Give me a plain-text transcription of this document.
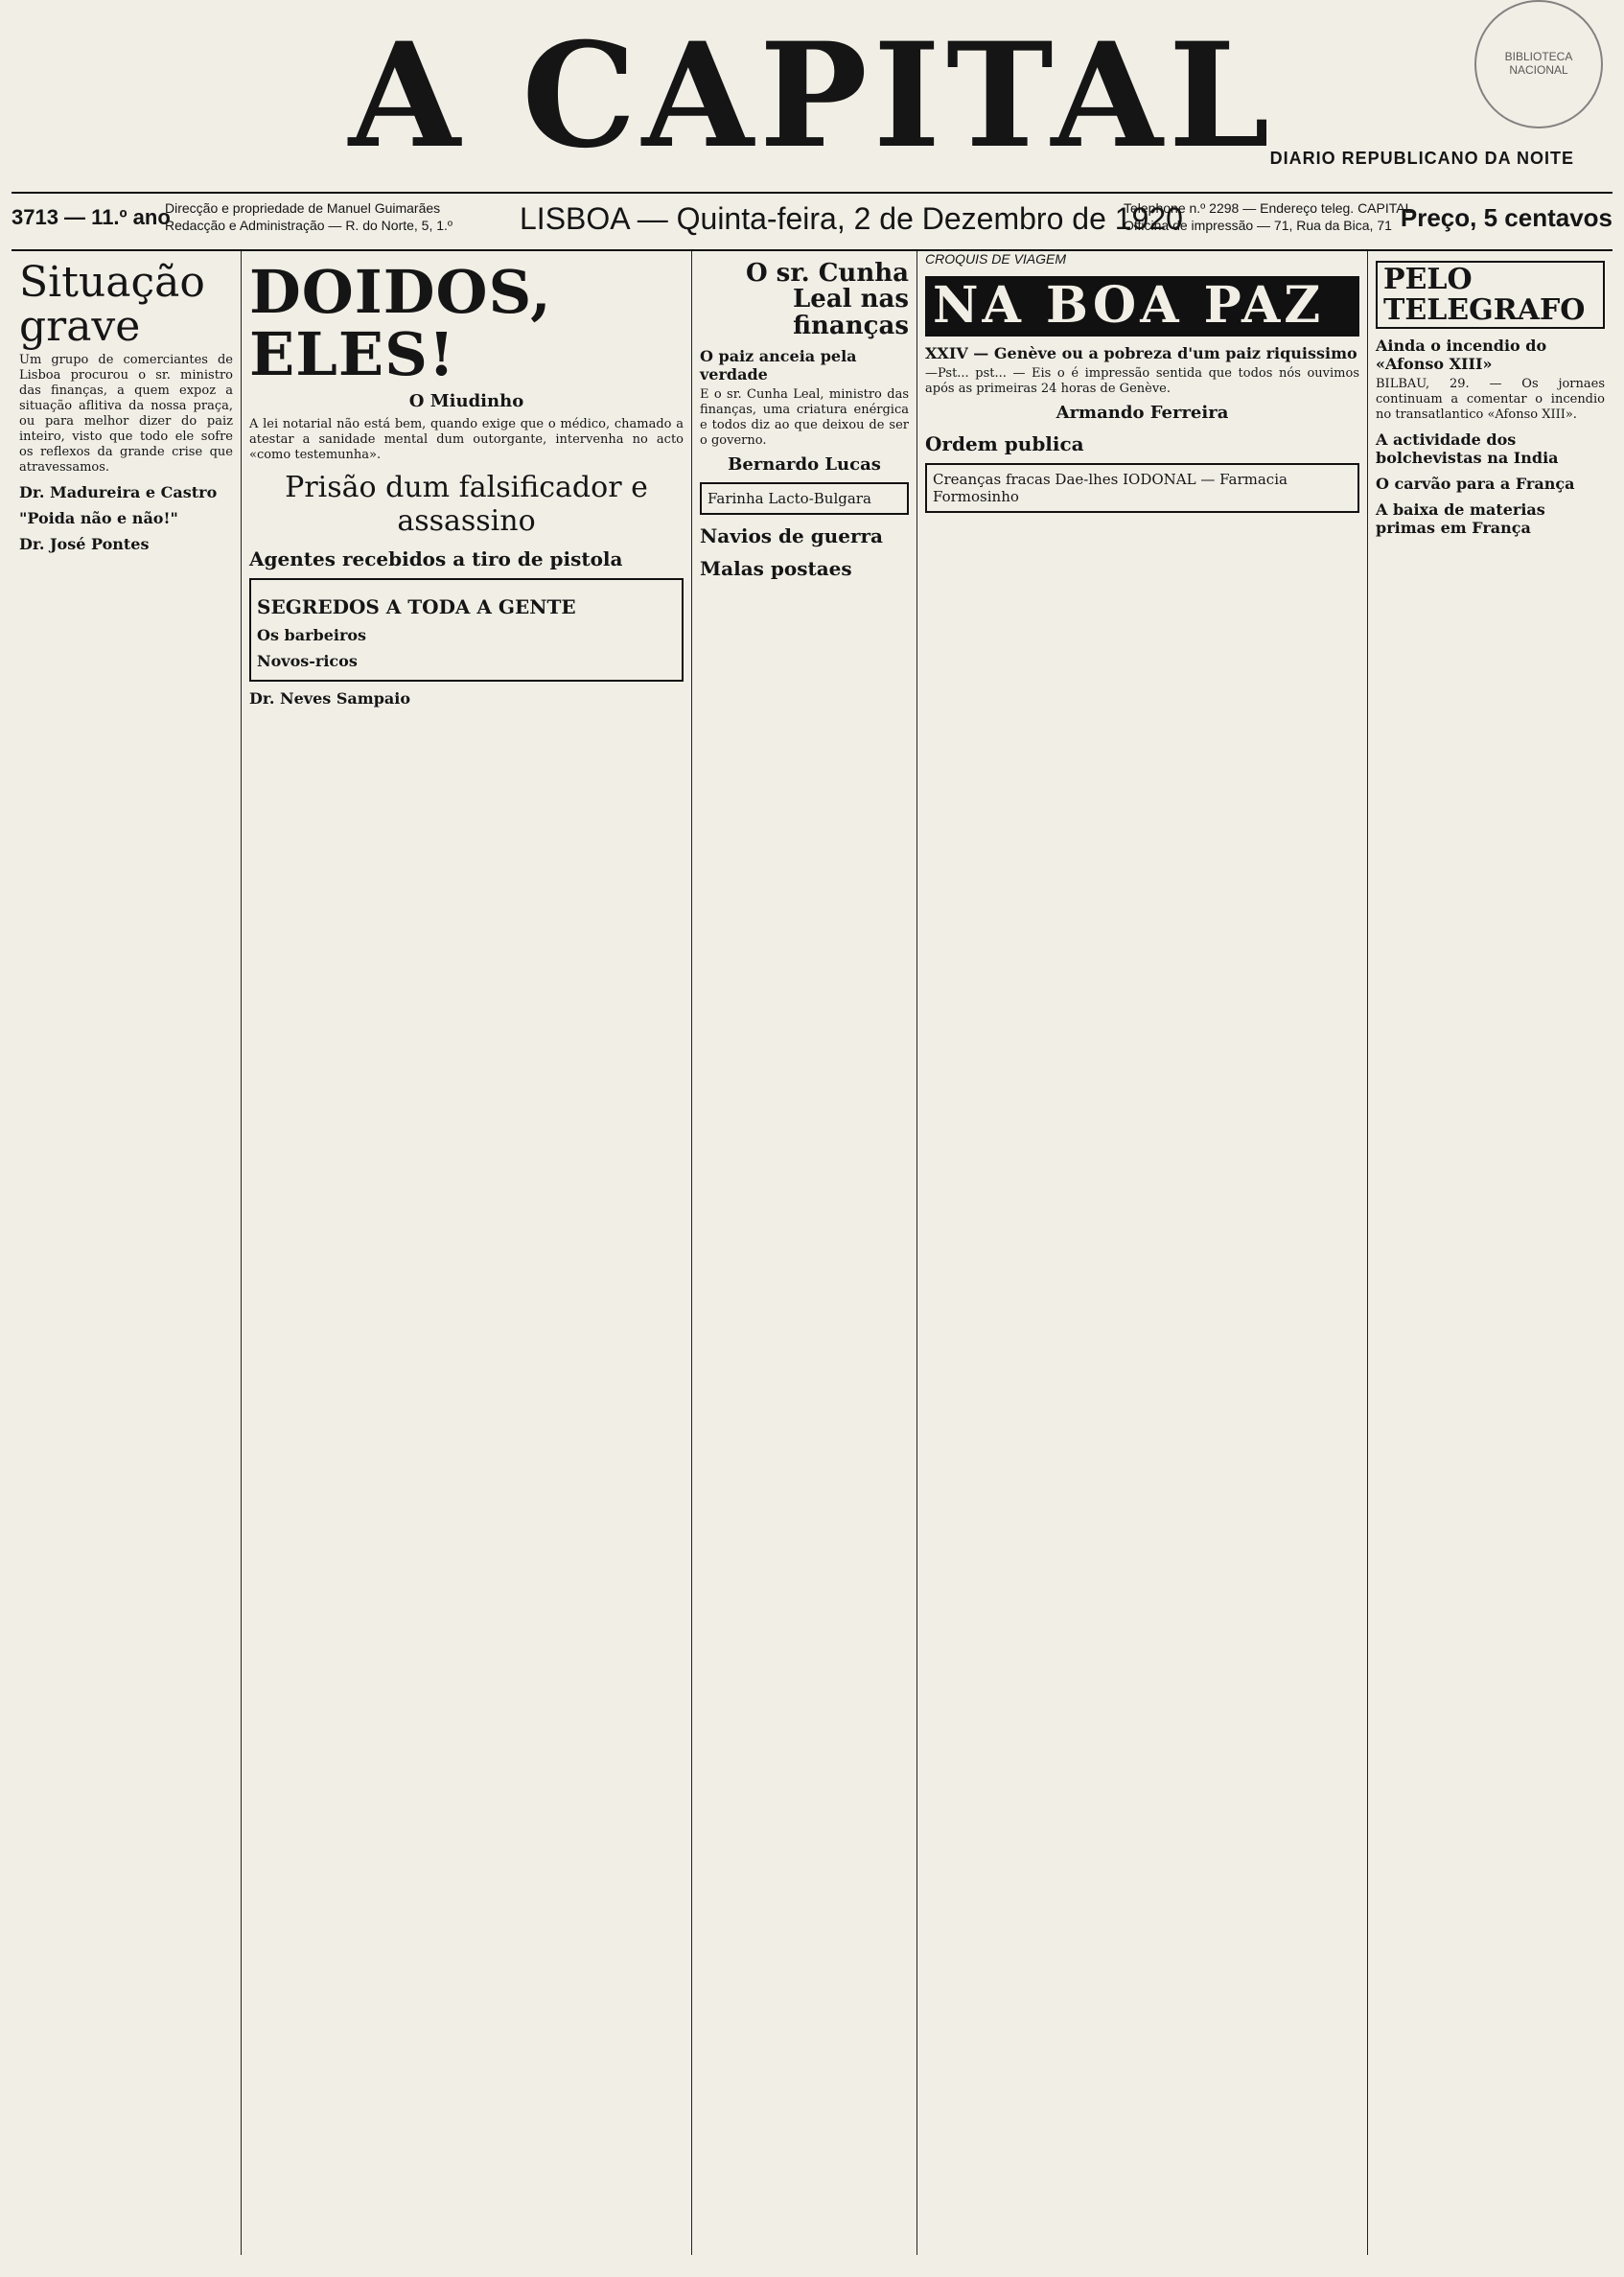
A CAPITAL
DIARIO REPUBLICANO DA NOITE
BIBLIOTECA NACIONAL
3713 — 11.º ano
Direcção e propriedade de Manuel Guimarães
Redacção e Administração — R. do Norte, 5, 1.º LISBOA — Quinta-feira, 2 de Dezembro de 1920
Telephone n.º 2298 — Endereço teleg. CAPITAL
Officina de impressão — 71, Rua da Bica, 71 Preço, 5 centavos
Situação grave

Um grupo de comerciantes de Lisboa procurou o sr. ministro das finanças, a quem expoz a situação aflitiva da nossa praça, ou para melhor dizer do paiz inteiro, visto que todo ele sofre os reflexos da grande crise que atravessamos.

Dr. Madureira e Castro
"Poida não e não!"
Dr. José Pontes
DOIDOS, ELES!
O Miudinho

A lei notarial não está bem, quando exige que o médico, chamado a atestar a sanidade mental dum outorgante, intervenha no acto «como testemunha».

Prisão dum falsificador e assassino
Agentes recebidos a tiro de pistola
SEGREDOS A TODA A GENTE
Os barbeiros
Novos-ricos
Dr. Neves Sampaio
O sr. Cunha Leal nas finanças
O paiz anceia pela verdade

E o sr. Cunha Leal, ministro das finanças, uma criatura enérgica e todos diz ao que deixou de ser o governo.

Bernardo Lucas
Farinha Lacto-Bulgara
Navios de guerra
Malas postaes
CROQUIS DE VIAGEM
NA BOA PAZ
XXIV — Genève ou a pobreza d'um paiz riquissimo

—Pst... pst... — Eis o é impressão sentida que todos nós ouvimos após as primeiras 24 horas de Genève.

Armando Ferreira
Ordem publica
Creanças fracas Dae-lhes IODONAL — Farmacia Formosinho
PELO TELEGRAFO
Ainda o incendio do «Afonso XIII»

BILBAU, 29. — Os jornaes continuam a comentar o incendio no transatlantico «Afonso XIII».

A actividade dos bolchevistas na India
O carvão para a França
A baixa de materias primas em França
